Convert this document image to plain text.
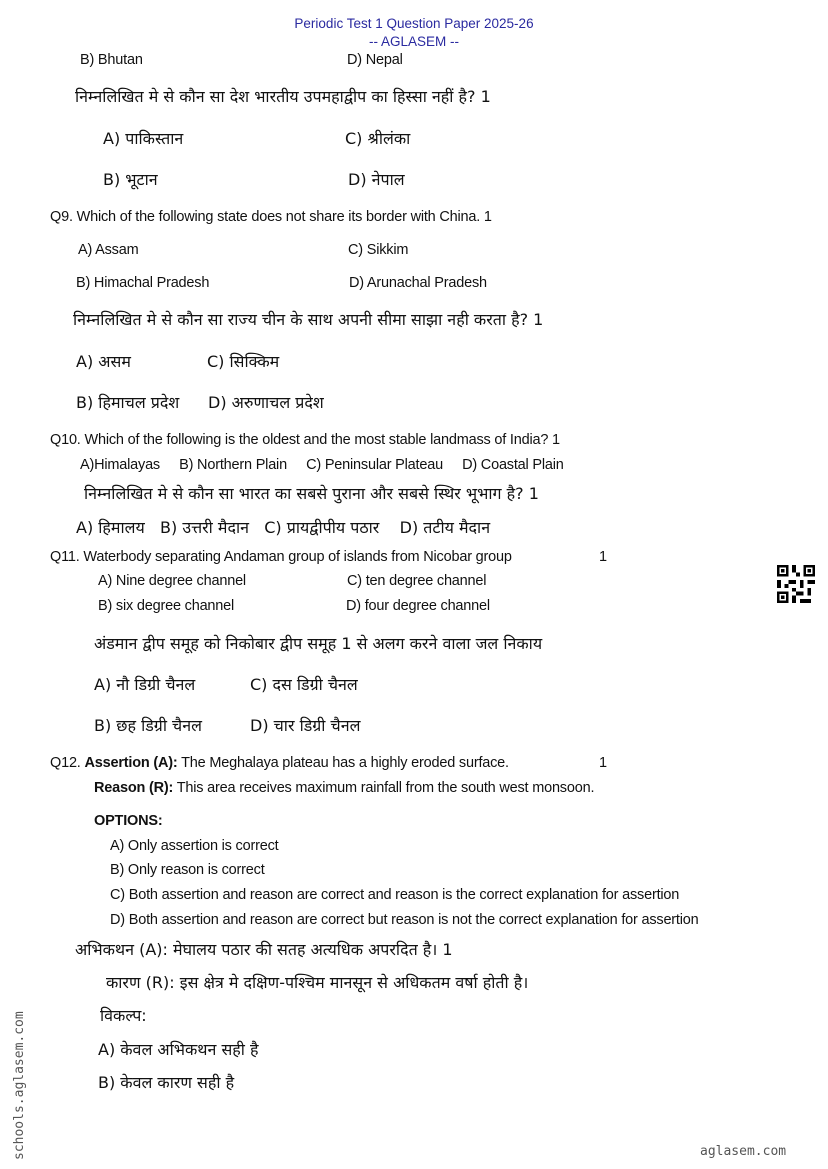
Periodic Test 1 Question Paper 2025-26
-- AGLASEM --
B) Bhutan	D) Nepal
निम्नलिखित मे से कौन सा देश भारतीय उपमहाद्वीप का हिस्सा नहीं है? 1
A) पाकिस्तान	C) श्रीलंका
B) भूटान	D) नेपाल
Q9. Which of the following state does not share its border with China. 1
A) Assam	C) Sikkim
B) Himachal Pradesh	D) Arunachal Pradesh
निम्नलिखित मे से कौन सा राज्य चीन के साथ अपनी सीमा साझा नही करता है? 1
A) असम	C) सिक्किम
B) हिमाचल प्रदेश D) अरुणाचल प्रदेश
Q10. Which of the following is the oldest and the most stable landmass of India? 1
A)Himalayas     B) Northern Plain     C) Peninsular Plateau     D) Coastal Plain
निम्नलिखित मे से कौन सा भारत का सबसे पुराना और सबसे स्थिर भूभाग है? 1
A) हिमालय   B) उत्तरी मैदान   C) प्रायद्वीपीय पठार    D) तटीय मैदान
Q11. Waterbody separating Andaman group of islands from Nicobar group	1
A) Nine degree channel	C) ten degree channel
B) six degree channel	D) four degree channel
अंडमान द्वीप समूह को निकोबार द्वीप समूह 1 से अलग करने वाला जल निकाय
A) नौ डिग्री चैनल	C) दस डिग्री चैनल
B) छह डिग्री चैनल	D) चार डिग्री चैनल
Q12. Assertion (A): The Meghalaya plateau has a highly eroded surface.	1
Reason (R): This area receives maximum rainfall from the south west monsoon.
OPTIONS:
A) Only assertion is correct
B) Only reason is correct
C) Both assertion and reason are correct and reason is the correct explanation for assertion
D) Both assertion and reason are correct but reason is not the correct explanation for assertion
अभिकथन (A): मेघालय पठार की सतह अत्यधिक अपरदित है। 1
कारण (R): इस क्षेत्र मे दक्षिण-पश्चिम मानसून से अधिकतम वर्षा होती है।
विकल्प:
A) केवल अभिकथन सही है
B) केवल कारण सही है
schools.aglasem.com	aglasem.com
